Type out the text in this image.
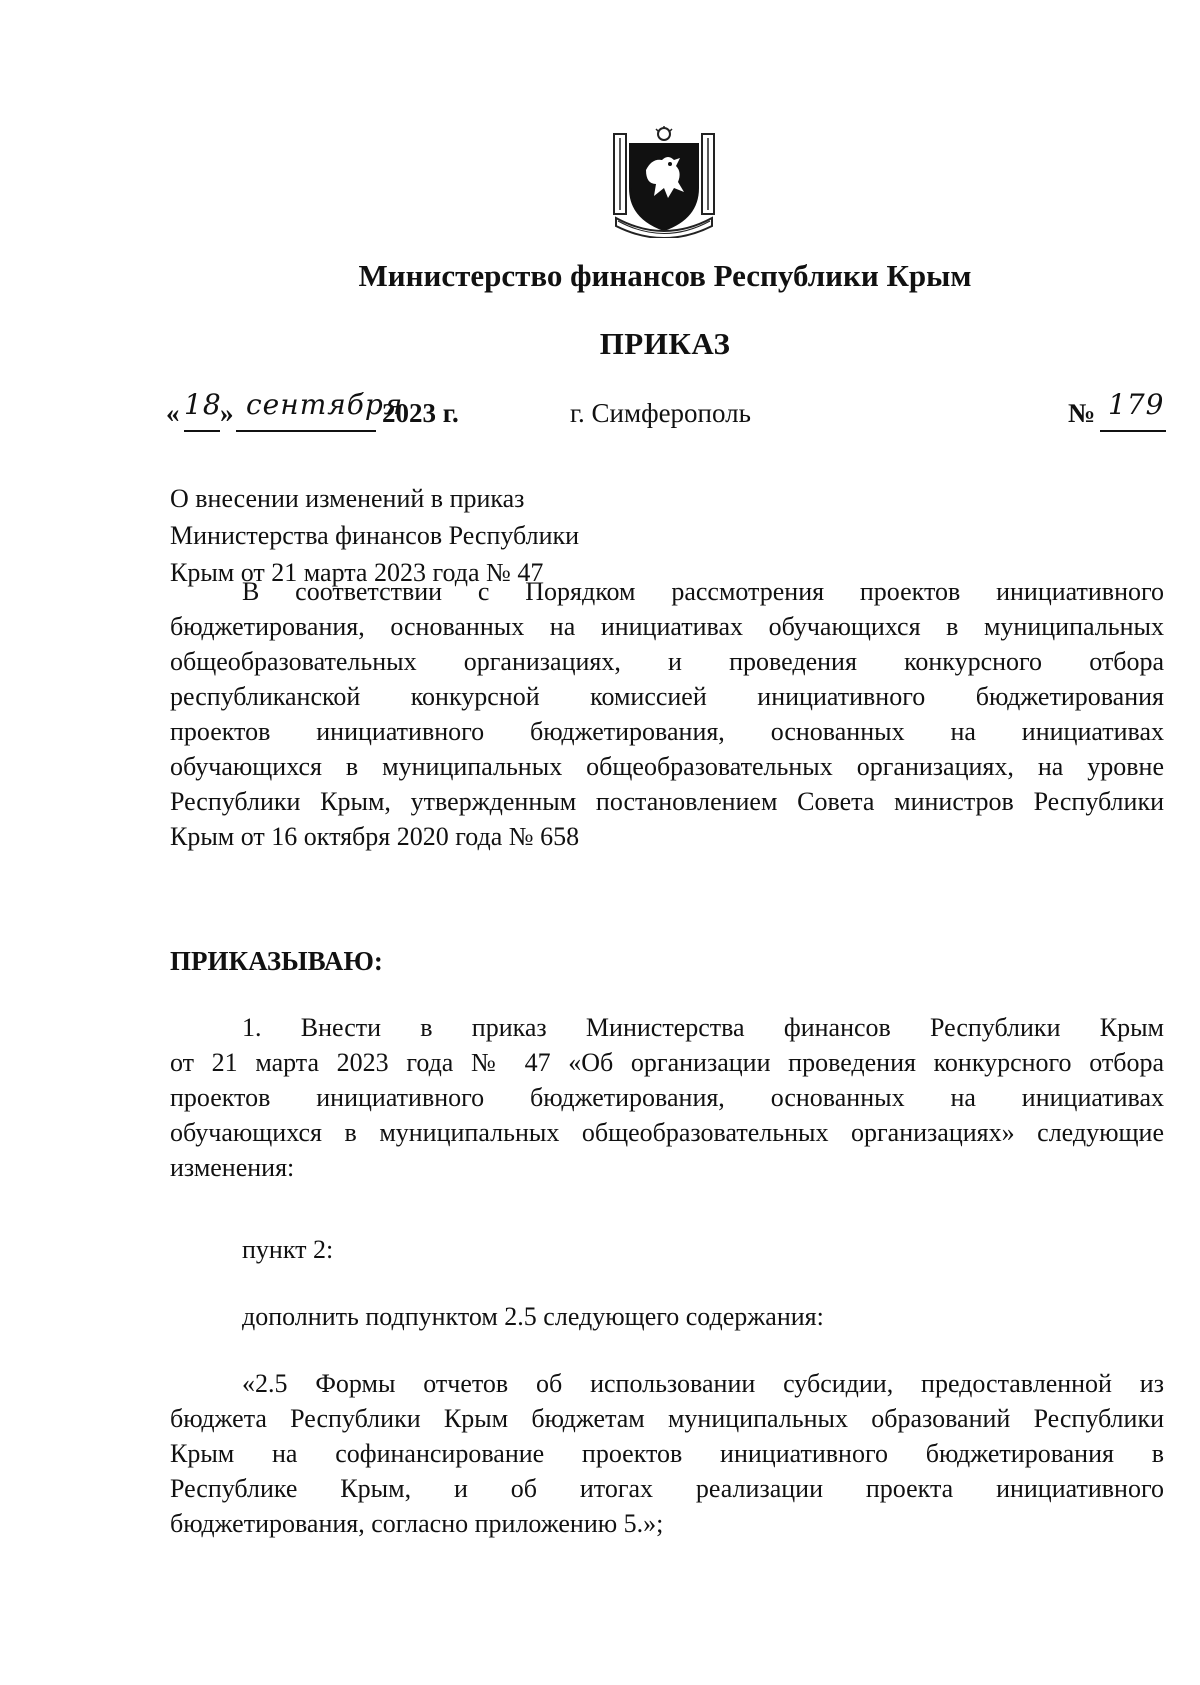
Министерство финансов Республики Крым
ПРИКАЗ
« 18
» сентября
2023 г.	г. Симферополь	№ 179
О внесении изменений в приказ
Министерства финансов Республики
Крым от 21 марта 2023 года № 47
В соответствии с Порядком рассмотрения проектов инициативного
бюджетирования, основанных на инициативах обучающихся в муниципальных
общеобразовательных организациях, и проведения конкурсного отбора
республиканской конкурсной комиссией инициативного бюджетирования
проектов инициативного бюджетирования, основанных на инициативах
обучающихся в муниципальных общеобразовательных организациях, на уровне
Республики Крым, утвержденным постановлением Совета министров Республики
Крым от 16 октября 2020 года № 658
ПРИКАЗЫВАЮ:
1. Внести в приказ Министерства финансов Республики Крым
от 21 марта 2023 года № 47 «Об организации проведения конкурсного отбора
проектов инициативного бюджетирования, основанных на инициативах
обучающихся в муниципальных общеобразовательных организациях» следующие
изменения:
пункт 2:
дополнить подпунктом 2.5 следующего содержания:
«2.5 Формы отчетов об использовании субсидии, предоставленной из
бюджета Республики Крым бюджетам муниципальных образований Республики
Крым на софинансирование проектов инициативного бюджетирования в
Республике Крым, и об итогах реализации проекта инициативного
бюджетирования, согласно приложению 5.»;
